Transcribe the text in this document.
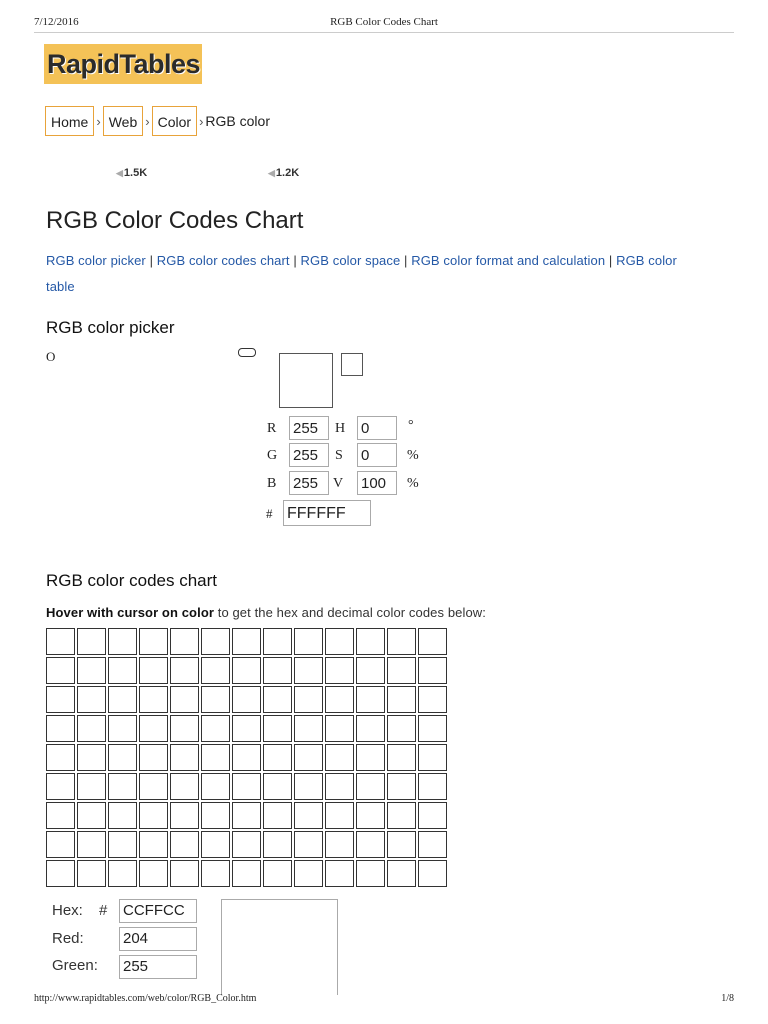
7/12/2016	RGB Color Codes Chart
RapidTables
Home › Web › Color › RGB color
◀1.5K	◀1.2K
RGB Color Codes Chart
RGB color picker | RGB color codes chart | RGB color space | RGB color format and calculation | RGB color table
RGB color picker
O
R 255	H 0	°
G 255	S 0	%
B 255	V 100	%
# FFFFFF
RGB color codes chart
Hover with cursor on color to get the hex and decimal color codes below:
Hex: # CCFFCC
Red:	204
Green: 255
http://www.rapidtables.com/web/color/RGB_Color.htm	1/8
